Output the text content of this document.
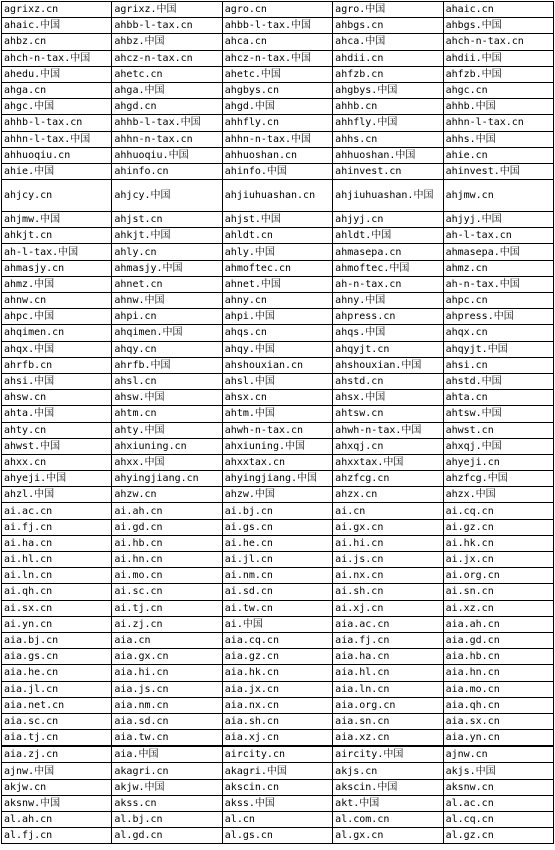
agrixz.cn	agrixz.中国	agro.cn	agro.中国	ahaic.cn
ahaic.中国	ahbb-l-tax.cn	ahbb-l-tax.中国	ahbgs.cn	ahbgs.中国
ahbz.cn	ahbz.中国	ahca.cn	ahca.中国	ahch-n-tax.cn
ahch-n-tax.中国	ahcz-n-tax.cn	ahcz-n-tax.中国	ahdii.cn	ahdii.中国
ahedu.中国	ahetc.cn	ahetc.中国	ahfzb.cn	ahfzb.中国
ahga.cn	ahga.中国	ahgbys.cn	ahgbys.中国	ahgc.cn
ahgc.中国	ahgd.cn	ahgd.中国	ahhb.cn	ahhb.中国
ahhb-l-tax.cn	ahhb-l-tax.中国	ahhfly.cn	ahhfly.中国	ahhn-l-tax.cn
ahhn-l-tax.中国	ahhn-n-tax.cn	ahhn-n-tax.中国	ahhs.cn	ahhs.中国
ahhuoqiu.cn	ahhuoqiu.中国	ahhuoshan.cn	ahhuoshan.中国	ahie.cn
ahie.中国	ahinfo.cn	ahinfo.中国	ahinvest.cn	ahinvest.中国
ahjcy.cn	ahjcy.中国	ahjiuhuashan.cn	ahjiuhuashan.中国	ahjmw.cn
ahjmw.中国	ahjst.cn	ahjst.中国	ahjyj.cn	ahjyj.中国
ahkjt.cn	ahkjt.中国	ahldt.cn	ahldt.中国	ah-l-tax.cn
ah-l-tax.中国	ahly.cn	ahly.中国	ahmasepa.cn	ahmasepa.中国
ahmasjy.cn	ahmasjy.中国	ahmoftec.cn	ahmoftec.中国	ahmz.cn
ahmz.中国	ahnet.cn	ahnet.中国	ah-n-tax.cn	ah-n-tax.中国
ahnw.cn	ahnw.中国	ahny.cn	ahny.中国	ahpc.cn
ahpc.中国	ahpi.cn	ahpi.中国	ahpress.cn	ahpress.中国
ahqimen.cn	ahqimen.中国	ahqs.cn	ahqs.中国	ahqx.cn
ahqx.中国	ahqy.cn	ahqy.中国	ahqyjt.cn	ahqyjt.中国
ahrfb.cn	ahrfb.中国	ahshouxian.cn	ahshouxian.中国	ahsi.cn
ahsi.中国	ahsl.cn	ahsl.中国	ahstd.cn	ahstd.中国
ahsw.cn	ahsw.中国	ahsx.cn	ahsx.中国	ahta.cn
ahta.中国	ahtm.cn	ahtm.中国	ahtsw.cn	ahtsw.中国
ahty.cn	ahty.中国	ahwh-n-tax.cn	ahwh-n-tax.中国	ahwst.cn
ahwst.中国	ahxiuning.cn	ahxiuning.中国	ahxqj.cn	ahxqj.中国
ahxx.cn	ahxx.中国	ahxxtax.cn	ahxxtax.中国	ahyeji.cn
ahyeji.中国	ahyingjiang.cn	ahyingjiang.中国	ahzfcg.cn	ahzfcg.中国
ahzl.中国	ahzw.cn	ahzw.中国	ahzx.cn	ahzx.中国
ai.ac.cn	ai.ah.cn	ai.bj.cn	ai.cn	ai.cq.cn
ai.fj.cn	ai.gd.cn	ai.gs.cn	ai.gx.cn	ai.gz.cn
ai.ha.cn	ai.hb.cn	ai.he.cn	ai.hi.cn	ai.hk.cn
ai.hl.cn	ai.hn.cn	ai.jl.cn	ai.js.cn	ai.jx.cn
ai.ln.cn	ai.mo.cn	ai.nm.cn	ai.nx.cn	ai.org.cn
ai.qh.cn	ai.sc.cn	ai.sd.cn	ai.sh.cn	ai.sn.cn
ai.sx.cn	ai.tj.cn	ai.tw.cn	ai.xj.cn	ai.xz.cn
ai.yn.cn	ai.zj.cn	ai.中国	aia.ac.cn	aia.ah.cn
aia.bj.cn	aia.cn	aia.cq.cn	aia.fj.cn	aia.gd.cn
aia.gs.cn	aia.gx.cn	aia.gz.cn	aia.ha.cn	aia.hb.cn
aia.he.cn	aia.hi.cn	aia.hk.cn	aia.hl.cn	aia.hn.cn
aia.jl.cn	aia.js.cn	aia.jx.cn	aia.ln.cn	aia.mo.cn
aia.net.cn	aia.nm.cn	aia.nx.cn	aia.org.cn	aia.qh.cn
aia.sc.cn	aia.sd.cn	aia.sh.cn	aia.sn.cn	aia.sx.cn
aia.tj.cn	aia.tw.cn	aia.xj.cn	aia.xz.cn	aia.yn.cn
aia.zj.cn	aia.中国	aircity.cn	aircity.中国	ajnw.cn
ajnw.中国	akagri.cn	akagri.中国	akjs.cn	akjs.中国
akjw.cn	akjw.中国	akscin.cn	akscin.中国	aksnw.cn
aksnw.中国	akss.cn	akss.中国	akt.中国	al.ac.cn
al.ah.cn	al.bj.cn	al.cn	al.com.cn	al.cq.cn
al.fj.cn	al.gd.cn	al.gs.cn	al.gx.cn	al.gz.cn
